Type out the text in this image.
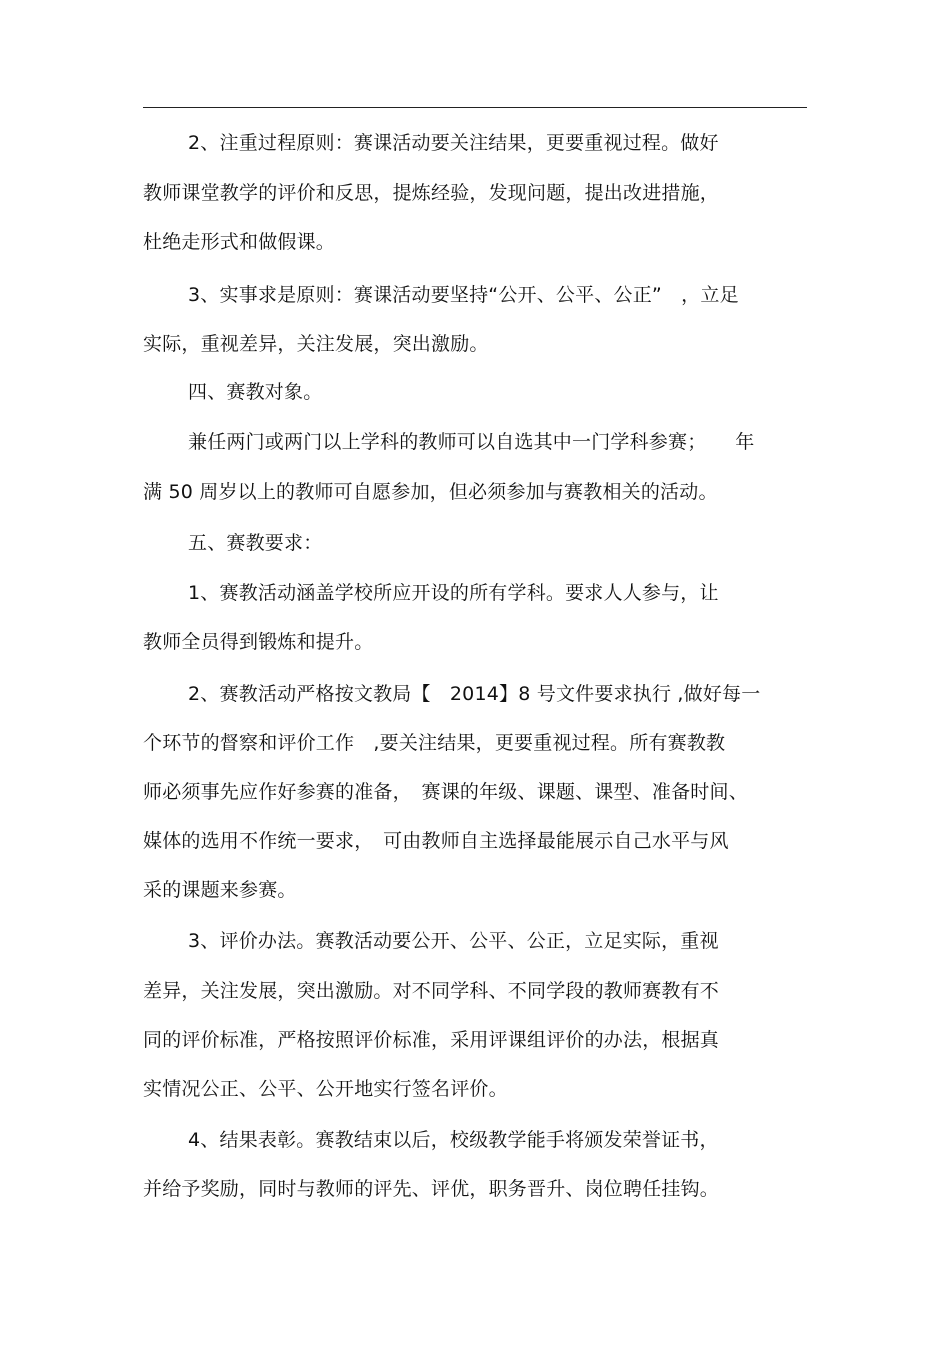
2、注重过程原则：赛课活动要关注结果，更要重视过程。做好
教师课堂教学的评价和反思，提炼经验，发现问题，提出改进措施，
杜绝走形式和做假课。
3、实事求是原则：赛课活动要坚持“公开、公平、公正”　，立足
实际，重视差异，关注发展，突出激励。
四、赛教对象。
兼任两门或两门以上学科的教师可以自选其中一门学科参赛；　　年
满 50 周岁以上的教师可自愿参加，但必须参加与赛教相关的活动。
五、赛教要求：
1、赛教活动涵盖学校所应开设的所有学科。要求人人参与，让
教师全员得到锻炼和提升。
2、赛教活动严格按文教局【　2014】8 号文件要求执行 ,做好每一
个环节的督察和评价工作　,要关注结果，更要重视过程。所有赛教教
师必须事先应作好参赛的准备，　赛课的年级、课题、课型、准备时间、
媒体的选用不作统一要求，　可由教师自主选择最能展示自己水平与风
采的课题来参赛。
3、评价办法。赛教活动要公开、公平、公正，立足实际，重视
差异，关注发展，突出激励。对不同学科、不同学段的教师赛教有不
同的评价标准，严格按照评价标准，采用评课组评价的办法，根据真
实情况公正、公平、公开地实行签名评价。
4、结果表彰。赛教结束以后，校级教学能手将颁发荣誉证书，
并给予奖励，同时与教师的评先、评优，职务晋升、岗位聘任挂钩。
